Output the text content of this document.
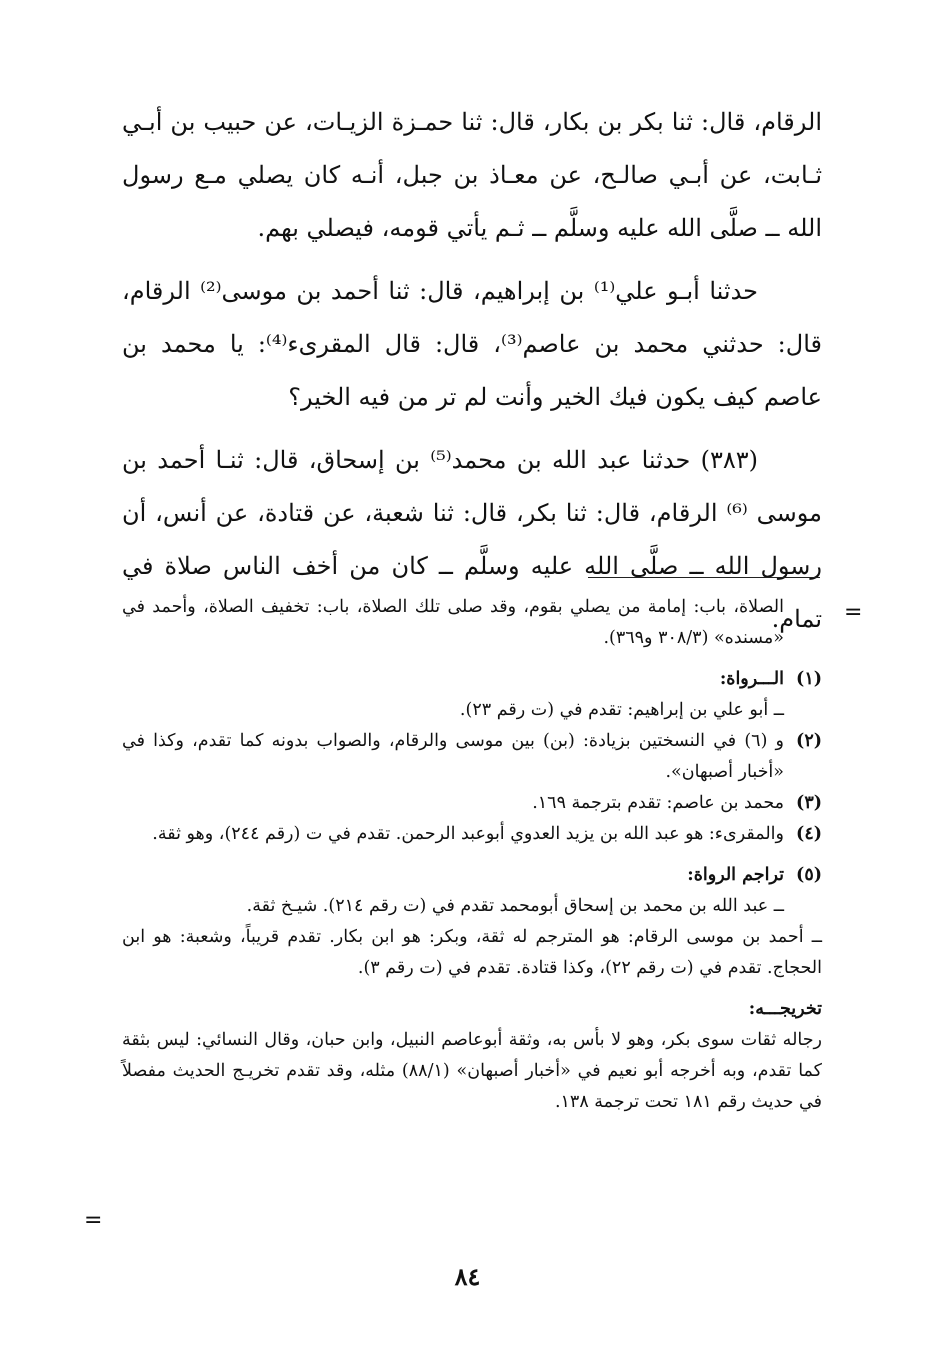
الرقام، قال: ثنا بكر بن بكار، قال: ثنا حمـزة الزيـات، عن حبيب بن أبـي ثـابت، عن أبـي صالـح، عن معـاذ بن جبل، أنـه كان يصلي مـع رسول الله ــ صلَّى الله عليه وسلَّم ــ ثـم يأتي قومه، فيصلي بهم.

حدثنا أبـو علي⁽¹⁾ بن إبراهيم، قال: ثنا أحمد بن موسى⁽²⁾ الرقام، قال: حدثني محمد بن عاصم⁽³⁾، قال: قال المقرىء⁽⁴⁾: يا محمد بن عاصم كيف يكون فيك الخير وأنت لم تر من فيه الخير؟

(٣٨٣) حدثنا عبد الله بن محمد⁽⁵⁾ بن إسحاق، قال: ثنـا أحمد بن موسى ⁽⁶⁾ الرقام، قال: ثنا بكر، قال: ثنا شعبة، عن قتادة، عن أنس، أن رسول الله ــ صلَّى الله عليه وسلَّم ــ كان من أخف الناس صلاة في تمام. =

الصلاة، باب: إمامة من يصلي بقوم، وقد صلى تلك الصلاة، باب: تخفيف الصلاة، وأحمد في «مسنده» (٣٠٨/٣ و٣٦٩).

(١)
الـــرواة:

ــ أبو علي بن إبراهيم: تقدم في (ت رقم ٢٣).

(٢)
و (٦) في النسختين بزيادة: (بن) بين موسى والرقام، والصواب بدونه كما تقدم، وكذا في «أخبار أصبهان».
(٣)
محمد بن عاصم: تقدم بترجمة ١٦٩.
(٤)
والمقرىء: هو عبد الله بن يزيد العدوي أبوعبد الرحمن. تقدم في ت (رقم ٢٤٤)، وهو ثقة.
(٥)
تراجم الرواة:

ــ عبد الله بن محمد بن إسحاق أبومحمد تقدم في (ت رقم ٢١٤). شيـخ ثقة.

ــ أحمد بن موسى الرقام: هو المترجم له ثقة، وبكر: هو ابن بكار. تقدم قريباً، وشعبة: هو ابن الحجاج. تقدم في (ت رقم ٢٢)، وكذا قتادة. تقدم في (ت رقم ٣).

تخريجـــه:

رجاله ثقات سوى بكر، وهو لا بأس به، وثقة أبوعاصم النبيل، وابن حبان، وقال النسائي: ليس بثقة كما تقدم، وبه أخرجه أبو نعيم في «أخبار أصبهان» (٨٨/١) مثله، وقد تقدم تخريـج الحديث مفصلاً في حديث رقم ١٨١ تحت ترجمة ١٣٨.

=
٨٤
